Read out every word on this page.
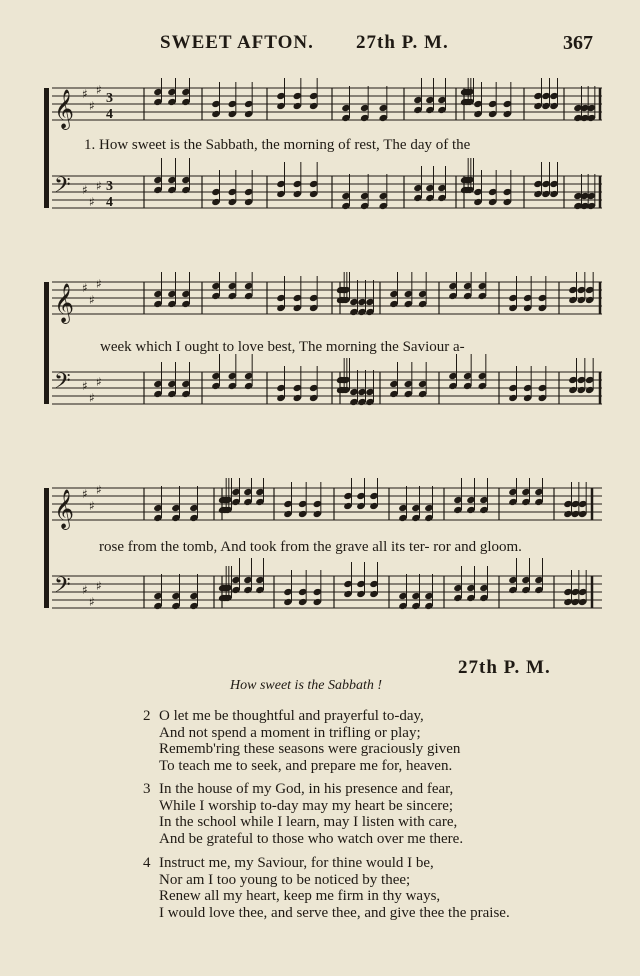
SWEET AFTON. 27th P. M.	367
𝄞 ♯
♯
♯
3
4
𝄢 ♯
♯
♯ 3
4
1. How sweet is the Sabbath, the morning of rest, The day of the
𝄞 ♯
♯
♯
𝄢 ♯
♯
♯
week which I ought to love best, The morning the Saviour a-
𝄞 ♯
♯
♯
𝄢 ♯
♯
♯
rose from the tomb, And took from the grave all its ter- ror and gloom.
27th P. M.
How sweet is the Sabbath !
2 O let me be thoughtful and prayerful to-day,
And not spend a moment in trifling or play;
Rememb'ring these seasons were graciously given
To teach me to seek, and prepare me for, heaven.
3 In the house of my God, in his presence and fear,
While I worship to-day may my heart be sincere;
In the school while I learn, may I listen with care,
And be grateful to those who watch over me there.
4 Instruct me, my Saviour, for thine would I be,
Nor am I too young to be noticed by thee;
Renew all my heart, keep me firm in thy ways,
I would love thee, and serve thee, and give thee the praise.
